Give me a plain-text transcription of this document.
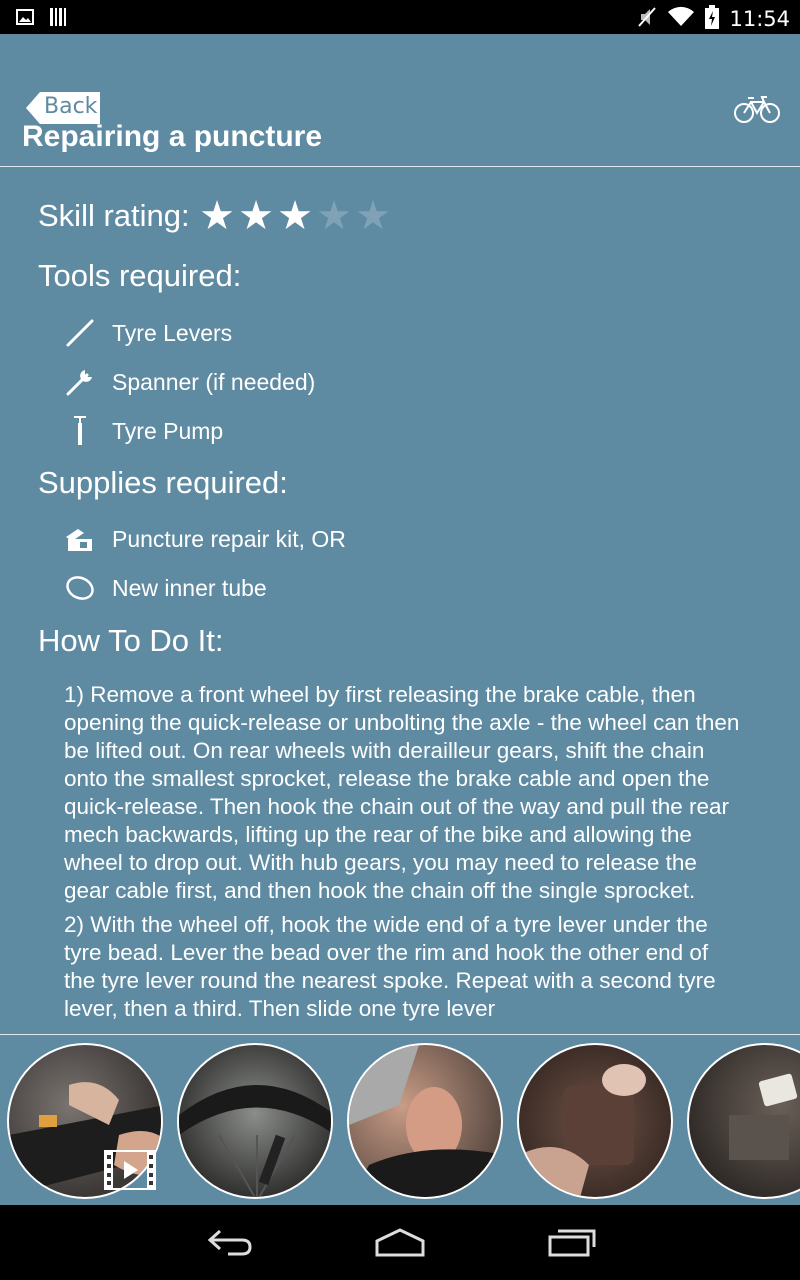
11:54
Back
Repairing a puncture
Skill rating: ★ ★ ★ ★ ★
Tools required:
Tyre Levers
Spanner (if needed)
Tyre Pump
Supplies required:
Puncture repair kit, OR
New inner tube
How To Do It:

1) Remove a front wheel by first releasing the brake cable, then opening the quick-release or unbolting the axle - the wheel can then be lifted out. On rear wheels with derailleur gears, shift the chain onto the smallest sprocket, release the brake cable and open the quick-release. Then hook the chain out of the way and pull the rear mech backwards, lifting up the rear of the bike and allowing the wheel to drop out. With hub gears, you may need to release the gear cable first, and then hook the chain off the single sprocket.

2) With the wheel off, hook the wide end of a tyre lever under the tyre bead. Lever the bead over the rim and hook the other end of the tyre lever round the nearest spoke. Repeat with a second tyre lever, then a third. Then slide one tyre lever
